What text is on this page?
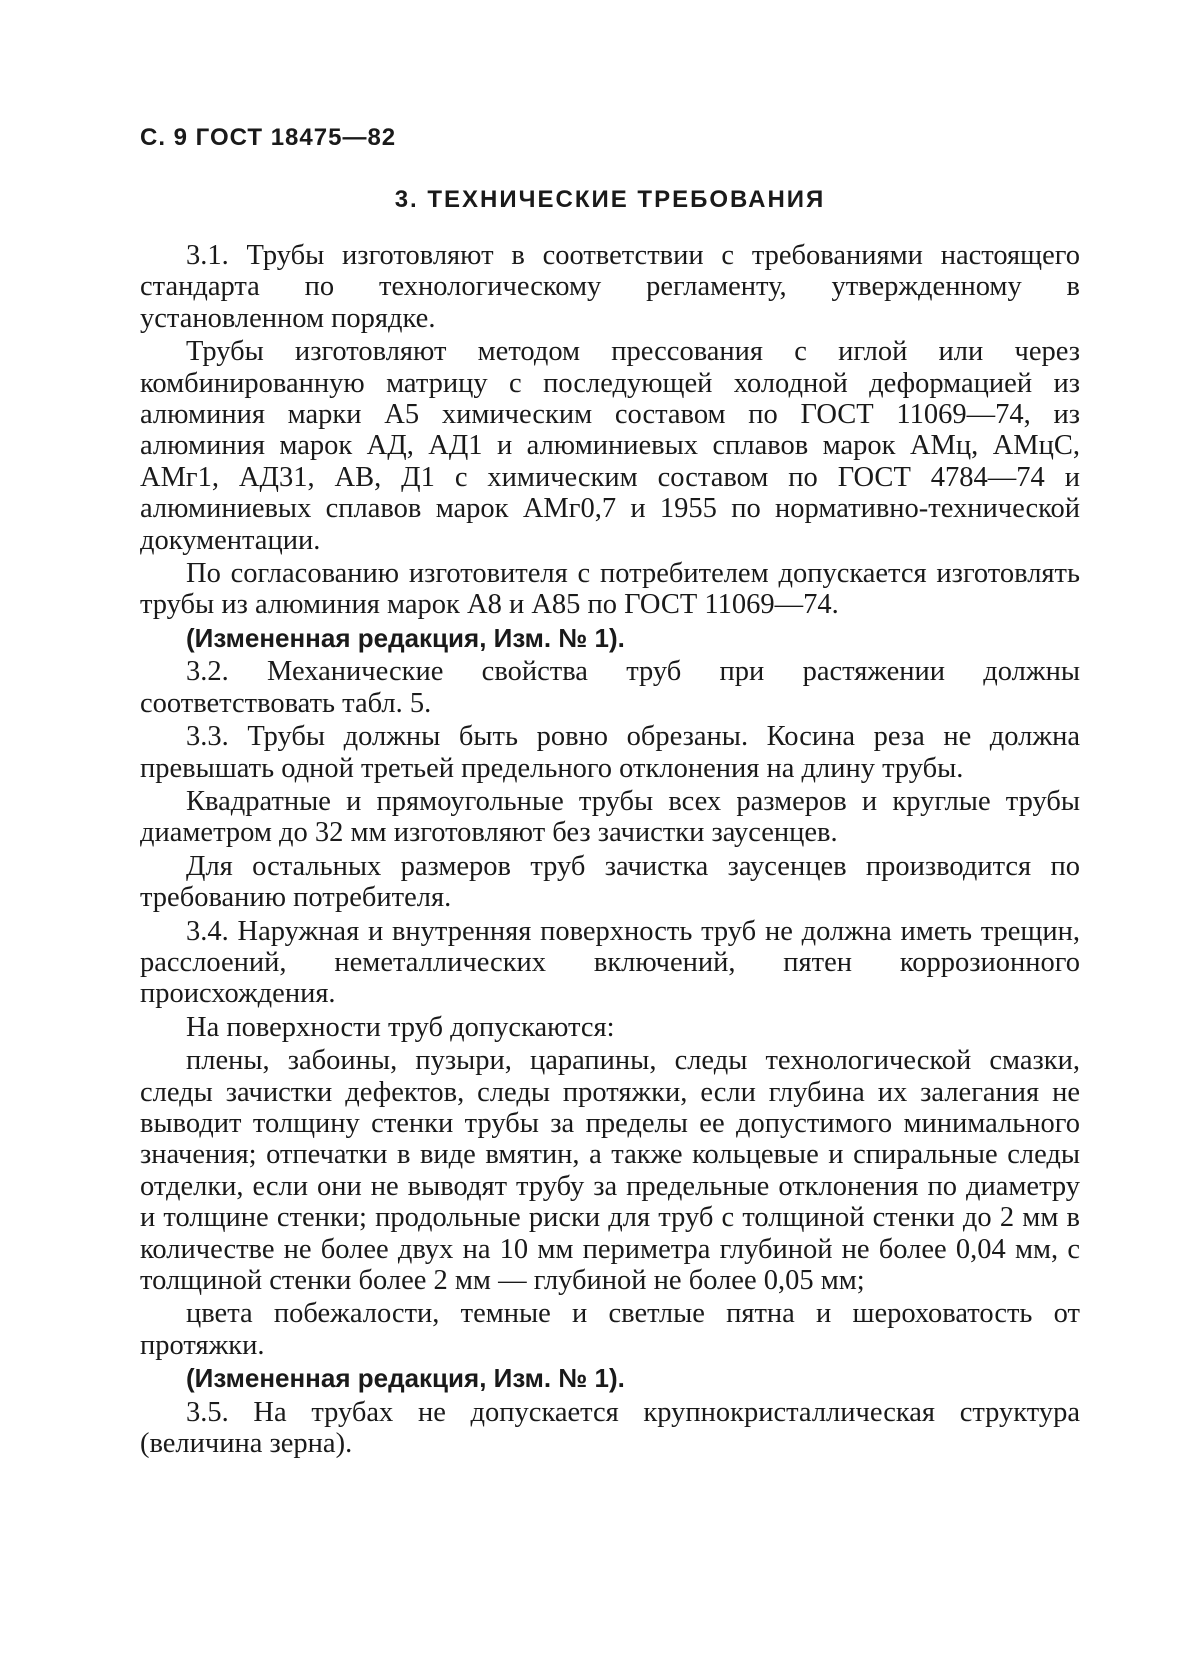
С. 9 ГОСТ 18475—82

3. ТЕХНИЧЕСКИЕ ТРЕБОВАНИЯ

3.1. Трубы изготовляют в соответствии с требованиями настоящего стандарта по технологическому регламенту, утвержденному в установленном порядке.

Трубы изготовляют методом прессования с иглой или через комбинированную матрицу с последующей холодной деформацией из алюминия марки А5 химическим составом по ГОСТ 11069—74, из алюминия марок АД, АД1 и алюминиевых сплавов марок АМц, АМцС, АМг1, АД31, АВ, Д1 с химическим составом по ГОСТ 4784—74 и алюминиевых сплавов марок АМг0,7 и 1955 по нормативно-технической документации.

По согласованию изготовителя с потребителем допускается изготовлять трубы из алюминия марок А8 и А85 по ГОСТ 11069—74.

(Измененная редакция, Изм. № 1).

3.2. Механические свойства труб при растяжении должны соответствовать табл. 5.

3.3. Трубы должны быть ровно обрезаны. Косина реза не должна превышать одной третьей предельного отклонения на длину трубы.

Квадратные и прямоугольные трубы всех размеров и круглые трубы диаметром до 32 мм изготовляют без зачистки заусенцев.

Для остальных размеров труб зачистка заусенцев производится по требованию потребителя.

3.4. Наружная и внутренняя поверхность труб не должна иметь трещин, расслоений, неметаллических включений, пятен коррозионного происхождения.

На поверхности труб допускаются:

плены, забоины, пузыри, царапины, следы технологической смазки, следы зачистки дефектов, следы протяжки, если глубина их залегания не выводит толщину стенки трубы за пределы ее допустимого минимального значения; отпечатки в виде вмятин, а также кольцевые и спиральные следы отделки, если они не выводят трубу за предельные отклонения по диаметру и толщине стенки; продольные риски для труб с толщиной стенки до 2 мм в количестве не более двух на 10 мм периметра глубиной не более 0,04 мм, с толщиной стенки более 2 мм — глубиной не более 0,05 мм;

цвета побежалости, темные и светлые пятна и шероховатость от протяжки.

(Измененная редакция, Изм. № 1).

3.5. На трубах не допускается крупнокристаллическая структура (величина зерна).
